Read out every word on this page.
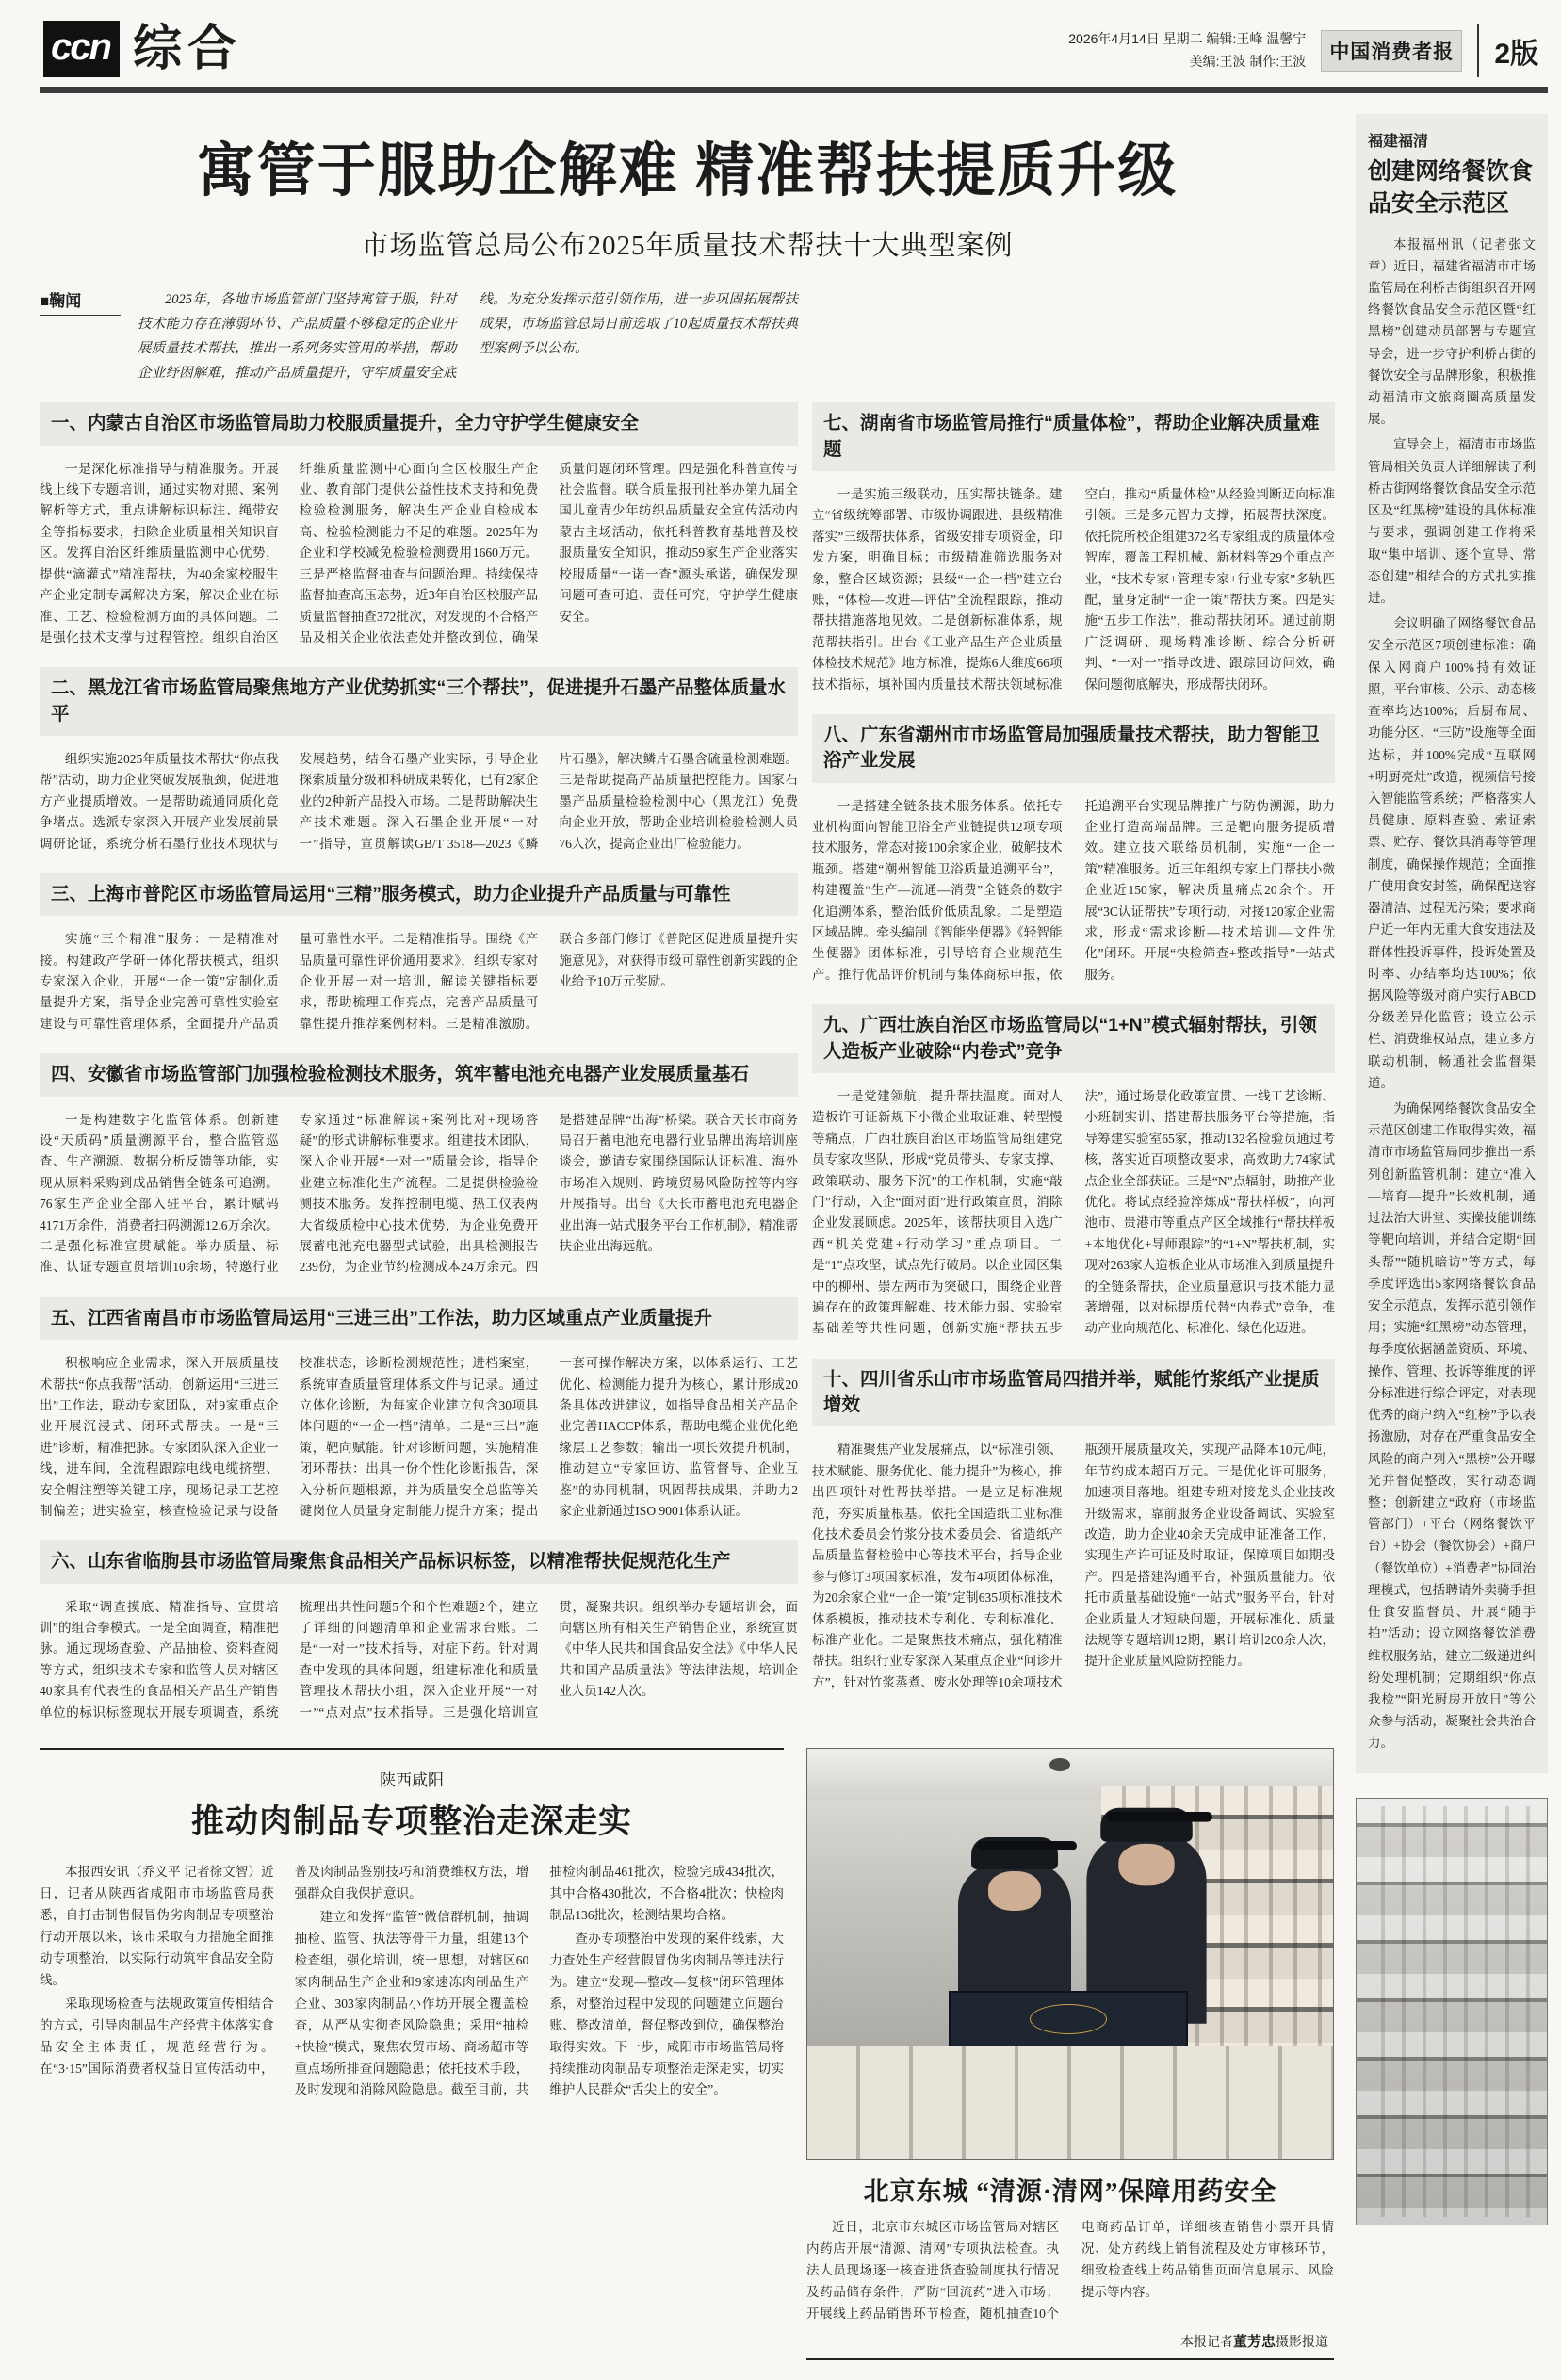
ccn 综合	2026年4月14日 星期二 编辑:王峰 温馨宁
美编:王波 制作:王波	中国消费者报	2版
寓管于服助企解难 精准帮扶提质升级
市场监管总局公布2025年质量技术帮扶十大典型案例
■鞠闻	2025年，各地市场监管部门坚持寓管于服，针对技术能力存在薄弱环节、产品质量不够稳定的企业开展质量技术帮扶，推出一系列务实管用的举措，帮助企业纾困解难，推动产品质量提升，守牢质量安全底线。为充分发挥示范引领作用，进一步巩固拓展帮扶成果，市场监管总局日前选取了10起质量技术帮扶典型案例予以公布。

一、内蒙古自治区市场监管局助力校服质量提升，全力守护学生健康安全

一是深化标准指导与精准服务。开展线上线下专题培训，通过实物对照、案例解析等方式，重点讲解标识标注、绳带安全等指标要求，扫除企业质量相关知识盲区。发挥自治区纤维质量监测中心优势，提供“滴灌式”精准帮扶，为40余家校服生产企业定制专属解决方案，解决企业在标准、工艺、检验检测方面的具体问题。二是强化技术支撑与过程管控。组织自治区纤维质量监测中心面向全区校服生产企业、教育部门提供公益性技术支持和免费检验检测服务，解决生产企业自检成本高、检验检测能力不足的难题。2025年为企业和学校减免检验检测费用1660万元。三是严格监督抽查与问题治理。持续保持监督抽查高压态势，近3年自治区校服产品质量监督抽查372批次，对发现的不合格产品及相关企业依法查处并整改到位，确保质量问题闭环管理。四是强化科普宣传与社会监督。联合质量报刊社举办第九届全国儿童青少年纺织品质量安全宣传活动内蒙古主场活动，依托科普教育基地普及校服质量安全知识，推动59家生产企业落实校服质量“一诺一查”源头承诺，确保发现问题可查可追、责任可究，守护学生健康安全。

二、黑龙江省市场监管局聚焦地方产业优势抓实“三个帮扶”，促进提升石墨产品整体质量水平

组织实施2025年质量技术帮扶“你点我帮”活动，助力企业突破发展瓶颈，促进地方产业提质增效。一是帮助疏通同质化竞争堵点。选派专家深入开展产业发展前景调研论证，系统分析石墨行业技术现状与发展趋势，结合石墨产业实际，引导企业探索质量分级和科研成果转化，已有2家企业的2种新产品投入市场。二是帮助解决生产技术难题。深入石墨企业开展“一对一”指导，宣贯解读GB/T 3518—2023《鳞片石墨》，解决鳞片石墨含硫量检测难题。三是帮助提高产品质量把控能力。国家石墨产品质量检验检测中心（黑龙江）免费向企业开放，帮助企业培训检验检测人员76人次，提高企业出厂检验能力。

三、上海市普陀区市场监管局运用“三精”服务模式，助力企业提升产品质量与可靠性

实施“三个精准”服务：一是精准对接。构建政产学研一体化帮扶模式，组织专家深入企业，开展“一企一策”定制化质量提升方案，指导企业完善可靠性实验室建设与可靠性管理体系，全面提升产品质量可靠性水平。二是精准指导。围绕《产品质量可靠性评价通用要求》，组织专家对企业开展一对一培训，解读关键指标要求，帮助梳理工作亮点，完善产品质量可靠性提升推荐案例材料。三是精准激励。联合多部门修订《普陀区促进质量提升实施意见》，对获得市级可靠性创新实践的企业给予10万元奖励。

四、安徽省市场监管部门加强检验检测技术服务，筑牢蓄电池充电器产业发展质量基石

一是构建数字化监管体系。创新建设“天质码”质量溯源平台，整合监管巡查、生产溯源、数据分析反馈等功能，实现从原料采购到成品销售全链条可追溯。76家生产企业全部入驻平台，累计赋码4171万余件，消费者扫码溯源12.6万余次。二是强化标准宣贯赋能。举办质量、标准、认证专题宣贯培训10余场，特邀行业专家通过“标准解读+案例比对+现场答疑”的形式讲解标准要求。组建技术团队，深入企业开展“一对一”质量会诊，指导企业建立标准化生产流程。三是提供检验检测技术服务。发挥控制电缆、热工仪表两大省级质检中心技术优势，为企业免费开展蓄电池充电器型式试验，出具检测报告239份，为企业节约检测成本24万余元。四是搭建品牌“出海”桥梁。联合天长市商务局召开蓄电池充电器行业品牌出海培训座谈会，邀请专家围绕国际认证标准、海外市场准入规则、跨境贸易风险防控等内容开展指导。出台《天长市蓄电池充电器企业出海一站式服务平台工作机制》，精准帮扶企业出海远航。

五、江西省南昌市市场监管局运用“三进三出”工作法，助力区域重点产业质量提升

积极响应企业需求，深入开展质量技术帮扶“你点我帮”活动，创新运用“三进三出”工作法，联动专家团队，对9家重点企业开展沉浸式、闭环式帮扶。一是“三进”诊断，精准把脉。专家团队深入企业一线，进车间，全流程跟踪电线电缆挤塑、安全帽注塑等关键工序，现场记录工艺控制偏差；进实验室，核查检验记录与设备校准状态，诊断检测规范性；进档案室，系统审查质量管理体系文件与记录。通过立体化诊断，为每家企业建立包含30项具体问题的“一企一档”清单。二是“三出”施策，靶向赋能。针对诊断问题，实施精准闭环帮扶：出具一份个性化诊断报告，深入分析问题根源，并为质量安全总监等关键岗位人员量身定制能力提升方案；提出一套可操作解决方案，以体系运行、工艺优化、检测能力提升为核心，累计形成20条具体改进建议，如指导食品相关产品企业完善HACCP体系，帮助电缆企业优化绝缘层工艺参数；输出一项长效提升机制，推动建立“专家回访、监管督导、企业互鉴”的协同机制，巩固帮扶成果，并助力2家企业新通过ISO 9001体系认证。

六、山东省临朐县市场监管局聚焦食品相关产品标识标签，以精准帮扶促规范化生产

采取“调查摸底、精准指导、宣贯培训”的组合拳模式。一是全面调查，精准把脉。通过现场查验、产品抽检、资料查阅等方式，组织技术专家和监管人员对辖区40家具有代表性的食品相关产品生产销售单位的标识标签现状开展专项调查，系统梳理出共性问题5个和个性难题2个，建立了详细的问题清单和企业需求台账。二是“一对一”技术指导，对症下药。针对调查中发现的具体问题，组建标准化和质量管理技术帮扶小组，深入企业开展“一对一”“点对点”技术指导。三是强化培训宣贯，凝聚共识。组织举办专题培训会，面向辖区所有相关生产销售企业，系统宣贯《中华人民共和国食品安全法》《中华人民共和国产品质量法》等法律法规，培训企业人员142人次。

七、湖南省市场监管局推行“质量体检”，帮助企业解决质量难题

一是实施三级联动，压实帮扶链条。建立“省级统筹部署、市级协调跟进、县级精准落实”三级帮扶体系，省级安排专项资金，印发方案，明确目标；市级精准筛选服务对象，整合区域资源；县级“一企一档”建立台账，“体检—改进—评估”全流程跟踪，推动帮扶措施落地见效。二是创新标准体系，规范帮扶指引。出台《工业产品生产企业质量体检技术规范》地方标准，提炼6大维度66项技术指标，填补国内质量技术帮扶领域标准空白，推动“质量体检”从经验判断迈向标准引领。三是多元智力支撑，拓展帮扶深度。依托院所校企组建372名专家组成的质量体检智库，覆盖工程机械、新材料等29个重点产业，“技术专家+管理专家+行业专家”多轨匹配，量身定制“一企一策”帮扶方案。四是实施“五步工作法”，推动帮扶闭环。通过前期广泛调研、现场精准诊断、综合分析研判、“一对一”指导改进、跟踪回访问效，确保问题彻底解决，形成帮扶闭环。

八、广东省潮州市市场监管局加强质量技术帮扶，助力智能卫浴产业发展

一是搭建全链条技术服务体系。依托专业机构面向智能卫浴全产业链提供12项专项技术服务，常态对接100余家企业，破解技术瓶颈。搭建“潮州智能卫浴质量追溯平台”，构建覆盖“生产—流通—消费”全链条的数字化追溯体系，整治低价低质乱象。二是塑造区域品牌。牵头编制《智能坐便器》《轻智能坐便器》团体标准，引导培育企业规范生产。推行优品评价机制与集体商标申报，依托追溯平台实现品牌推广与防伪溯源，助力企业打造高端品牌。三是靶向服务提质增效。建立技术联络员机制，实施“一企一策”精准服务。近三年组织专家上门帮扶小微企业近150家，解决质量痛点20余个。开展“3C认证帮扶”专项行动，对接120家企业需求，形成“需求诊断—技术培训—文件优化”闭环。开展“快检筛查+整改指导”一站式服务。

九、广西壮族自治区市场监管局以“1+N”模式辐射帮扶，引领人造板产业破除“内卷式”竞争

一是党建领航，提升帮扶温度。面对人造板许可证新规下小微企业取证难、转型慢等痛点，广西壮族自治区市场监管局组建党员专家攻坚队，形成“党员带头、专家支撑、政策联动、服务下沉”的工作机制，实施“敲门”行动，入企“面对面”进行政策宣贯，消除企业发展顾虑。2025年，该帮扶项目入选广西“机关党建+行动学习”重点项目。二是“1”点攻坚，试点先行破局。以企业园区集中的柳州、崇左两市为突破口，围绕企业普遍存在的政策理解难、技术能力弱、实验室基础差等共性问题，创新实施“帮扶五步法”，通过场景化政策宣贯、一线工艺诊断、小班制实训、搭建帮扶服务平台等措施，指导筹建实验室65家，推动132名检验员通过考核，落实近百项整改要求，高效助力74家试点企业全部获证。三是“N”点辐射，助推产业优化。将试点经验淬炼成“帮扶样板”，向河池市、贵港市等重点产区全域推行“帮扶样板+本地优化+导师跟踪”的“1+N”帮扶机制，实现对263家人造板企业从市场准入到质量提升的全链条帮扶，企业质量意识与技术能力显著增强，以对标提质代替“内卷式”竞争，推动产业向规范化、标准化、绿色化迈进。

十、四川省乐山市市场监管局四措并举，赋能竹浆纸产业提质增效

精准聚焦产业发展痛点，以“标准引领、技术赋能、服务优化、能力提升”为核心，推出四项针对性帮扶举措。一是立足标准规范，夯实质量根基。依托全国造纸工业标准化技术委员会竹浆分技术委员会、省造纸产品质量监督检验中心等技术平台，指导企业参与修订3项国家标准，发布4项团体标准，为20余家企业“一企一策”定制635项标准技术体系模板，推动技术专利化、专利标准化、标准产业化。二是聚焦技术痛点，强化精准帮扶。组织行业专家深入某重点企业“问诊开方”，针对竹浆蒸煮、废水处理等10余项技术瓶颈开展质量攻关，实现产品降本10元/吨，年节约成本超百万元。三是优化许可服务，加速项目落地。组建专班对接龙头企业技改升级需求，靠前服务企业设备调试、实验室改造，助力企业40余天完成申证准备工作，实现生产许可证及时取证，保障项目如期投产。四是搭建沟通平台，补强质量能力。依托市质量基础设施“一站式”服务平台，针对企业质量人才短缺问题，开展标准化、质量法规等专题培训12期，累计培训200余人次，提升企业质量风险防控能力。

陕西咸阳
推动肉制品专项整治走深走实

本报西安讯（乔义平 记者徐文智）近日，记者从陕西省咸阳市市场监管局获悉，自打击制售假冒伪劣肉制品专项整治行动开展以来，该市采取有力措施全面推动专项整治，以实际行动筑牢食品安全防线。

采取现场检查与法规政策宣传相结合的方式，引导肉制品生产经营主体落实食品安全主体责任，规范经营行为。在“3·15”国际消费者权益日宣传活动中，普及肉制品鉴别技巧和消费维权方法，增强群众自我保护意识。

建立和发挥“监管”微信群机制，抽调抽检、监管、执法等骨干力量，组建13个检查组，强化培训，统一思想，对辖区60家肉制品生产企业和9家速冻肉制品生产企业、303家肉制品小作坊开展全覆盖检查，从严从实彻查风险隐患；采用“抽检+快检”模式，聚焦农贸市场、商场超市等重点场所排查问题隐患；依托技术手段，及时发现和消除风险隐患。截至目前，共抽检肉制品461批次，检验完成434批次，其中合格430批次，不合格4批次；快检肉制品136批次，检测结果均合格。

查办专项整治中发现的案件线索，大力查处生产经营假冒伪劣肉制品等违法行为。建立“发现—整改—复核”闭环管理体系，对整治过程中发现的问题建立问题台账、整改清单，督促整改到位，确保整治取得实效。下一步，咸阳市市场监管局将持续推动肉制品专项整治走深走实，切实维护人民群众“舌尖上的安全”。

北京东城 “清源·清网”保障用药安全

近日，北京市东城区市场监管局对辖区内药店开展“清源、清网”专项执法检查。执法人员现场逐一核查进货查验制度执行情况及药品储存条件，严防“回流药”进入市场；开展线上药品销售环节检查，随机抽查10个电商药品订单，详细核查销售小票开具情况、处方药线上销售流程及处方审核环节，细致检查线上药品销售页面信息展示、风险提示等内容。

本报记者董芳忠摄影报道
福建福清
创建网络餐饮食品安全示范区

本报福州讯（记者张文章）近日，福建省福清市市场监管局在利桥古街组织召开网络餐饮食品安全示范区暨“红黑榜”创建动员部署与专题宣导会，进一步守护利桥古街的餐饮安全与品牌形象，积极推动福清市文旅商圈高质量发展。

宣导会上，福清市市场监管局相关负责人详细解读了利桥古街网络餐饮食品安全示范区及“红黑榜”建设的具体标准与要求，强调创建工作将采取“集中培训、逐个宣导、常态创建”相结合的方式扎实推进。

会议明确了网络餐饮食品安全示范区7项创建标准：确保入网商户100%持有效证照，平台审核、公示、动态核查率均达100%；后厨布局、功能分区、“三防”设施等全面达标，并100%完成“互联网+明厨亮灶”改造，视频信号接入智能监管系统；严格落实人员健康、原料查验、索证索票、贮存、餐饮具消毒等管理制度，确保操作规范；全面推广使用食安封签，确保配送容器清洁、过程无污染；要求商户近一年内无重大食安违法及群体性投诉事件，投诉处置及时率、办结率均达100%；依据风险等级对商户实行ABCD分级差异化监管；设立公示栏、消费维权站点，建立多方联动机制，畅通社会监督渠道。

为确保网络餐饮食品安全示范区创建工作取得实效，福清市市场监管局同步推出一系列创新监管机制：建立“准入—培育—提升”长效机制，通过法治大讲堂、实操技能训练等靶向培训，并结合定期“回头帮”“随机暗访”等方式，每季度评选出5家网络餐饮食品安全示范点，发挥示范引领作用；实施“红黑榜”动态管理，每季度依据涵盖资质、环境、操作、管理、投诉等维度的评分标准进行综合评定，对表现优秀的商户纳入“红榜”予以表扬激励，对存在严重食品安全风险的商户列入“黑榜”公开曝光并督促整改，实行动态调整；创新建立“政府（市场监管部门）+平台（网络餐饮平台）+协会（餐饮协会）+商户（餐饮单位）+消费者”协同治理模式，包括聘请外卖骑手担任食安监督员、开展“随手拍”活动；设立网络餐饮消费维权服务站，建立三级递进纠纷处理机制；定期组织“你点我检”“阳光厨房开放日”等公众参与活动，凝聚社会共治合力。
